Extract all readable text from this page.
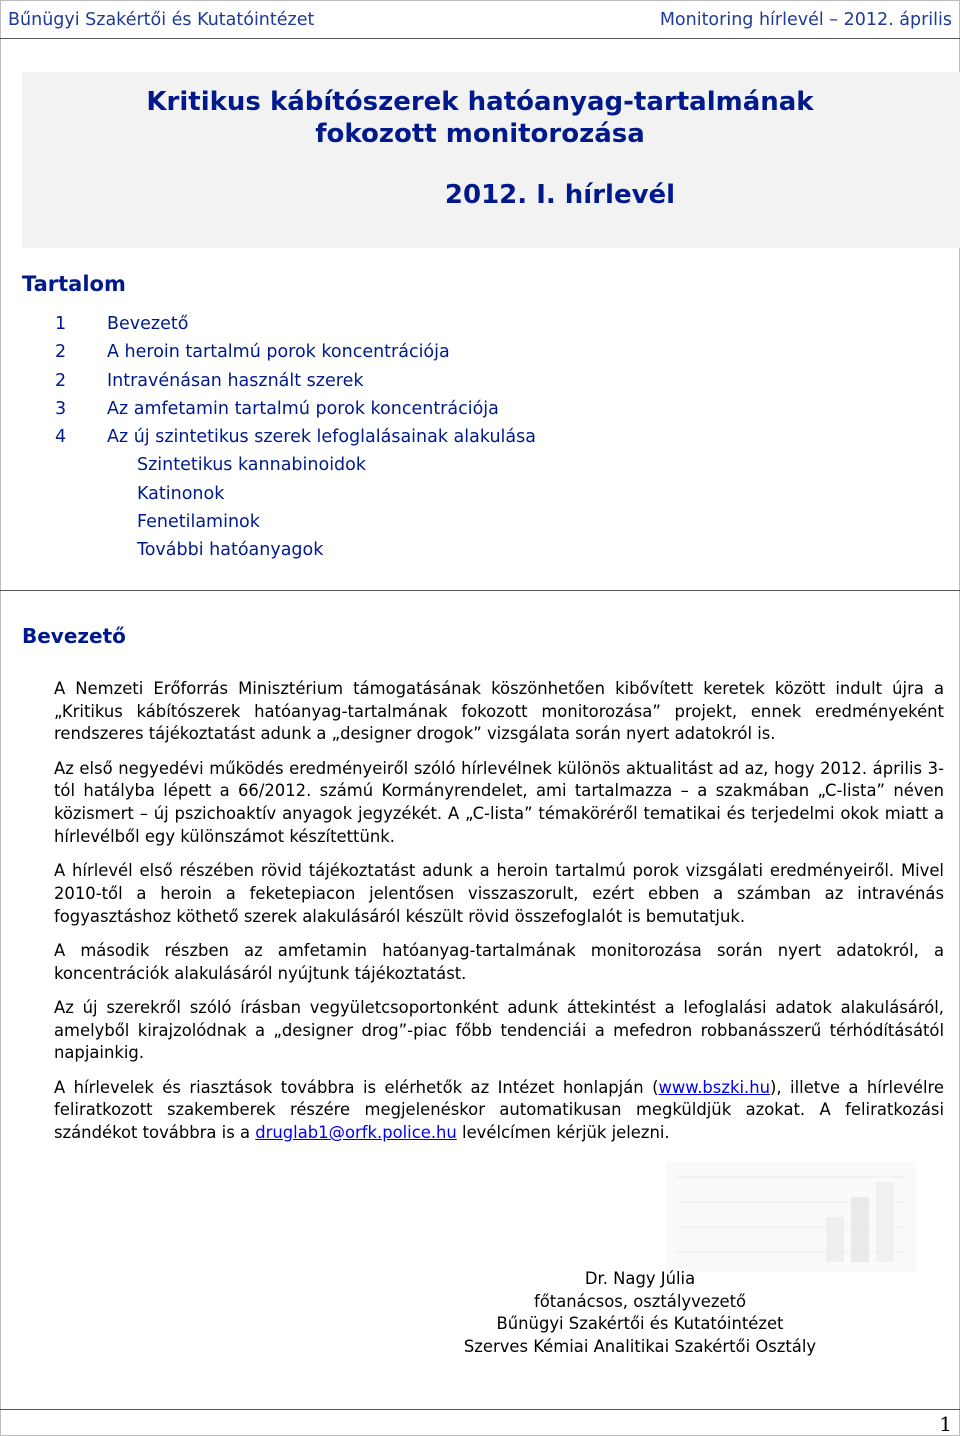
Bűnügyi Szakértői és Kutatóintézet	Monitoring hírlevél – 2012. április
Kritikus kábítószerek hatóanyag-tartalmának
fokozott monitorozása
2012. I. hírlevél
Tartalom
1 Bevezető
2 A heroin tartalmú porok koncentrációja
2 Intravénásan használt szerek
3 Az amfetamin tartalmú porok koncentrációja
4 Az új szintetikus szerek lefoglalásainak alakulása
Szintetikus kannabinoidok
Katinonok
Fenetilaminok
További hatóanyagok
Bevezető

A Nemzeti Erőforrás Minisztérium támogatásának köszönhetően kibővített keretek között indult újra a „Kritikus kábítószerek hatóanyag-tartalmának fokozott monitorozása” projekt, ennek eredményeként rendszeres tájékoztatást adunk a „designer drogok” vizsgálata során nyert adatokról is.

Az első negyedévi működés eredményeiről szóló hírlevélnek különös aktualitást ad az, hogy 2012. április 3-tól hatályba lépett a 66/2012. számú Kormányrendelet, ami tartalmazza – a szakmában „C-lista” néven közismert – új pszichoaktív anyagok jegyzékét. A „C-lista” témaköréről tematikai és terjedelmi okok miatt a hírlevélből egy különszámot készítettünk.

A hírlevél első részében rövid tájékoztatást adunk a heroin tartalmú porok vizsgálati eredményeiről. Mivel 2010-től a heroin a feketepiacon jelentősen visszaszorult, ezért ebben a számban az intravénás fogyasztáshoz köthető szerek alakulásáról készült rövid összefoglalót is bemutatjuk.

A második részben az amfetamin hatóanyag-tartalmának monitorozása során nyert adatokról, a koncentrációk alakulásáról nyújtunk tájékoztatást.

Az új szerekről szóló írásban vegyületcsoportonként adunk áttekintést a lefoglalási adatok alakulásáról, amelyből kirajzolódnak a „designer drog”-piac főbb tendenciái a mefedron robbanásszerű térhódításától napjainkig.

A hírlevelek és riasztások továbbra is elérhetők az Intézet honlapján (www.bszki.hu), illetve a hírlevélre feliratkozott szakemberek részére megjelenéskor automatikusan megküldjük azokat. A feliratkozási szándékot továbbra is a druglab1@orfk.police.hu levélcímen kérjük jelezni.

Dr. Nagy Júlia
főtanácsos, osztályvezető
Bűnügyi Szakértői és Kutatóintézet
Szerves Kémiai Analitikai Szakértői Osztály
1
